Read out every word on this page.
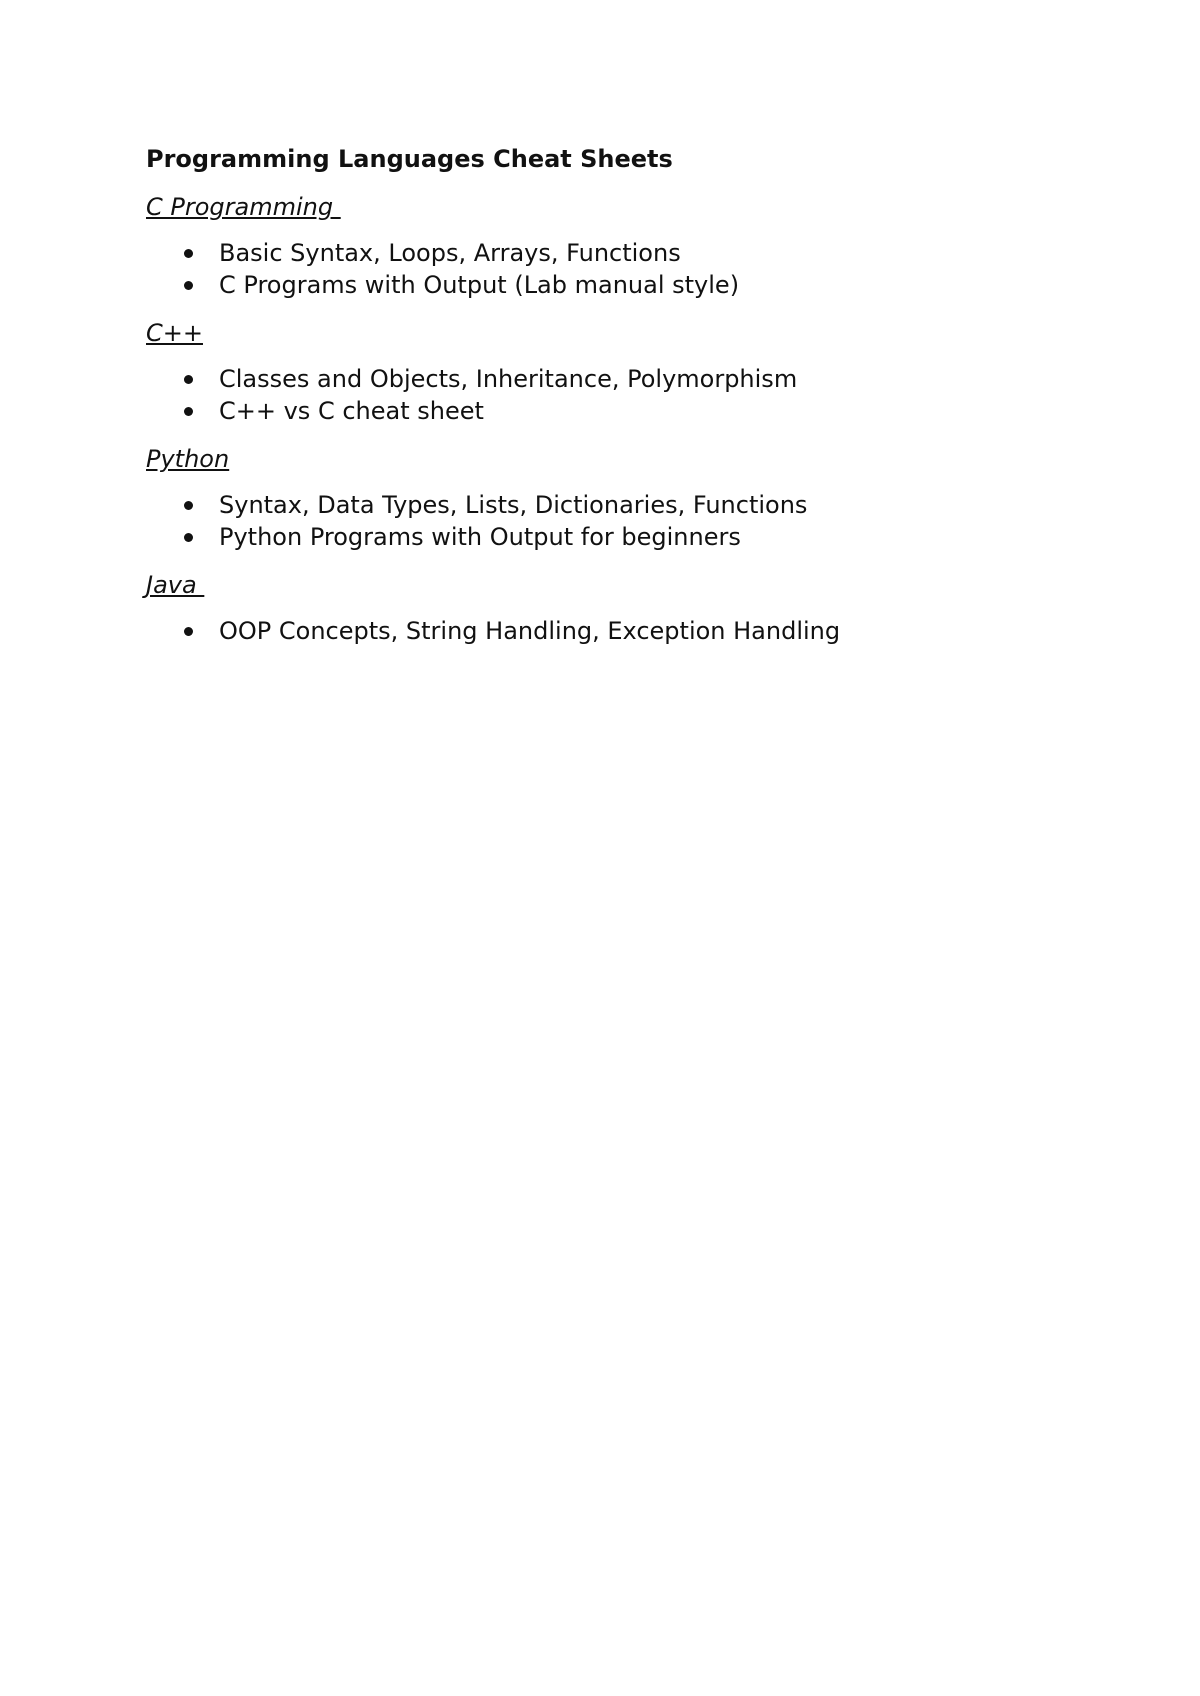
Programming Languages Cheat Sheets
C Programming
Basic Syntax, Loops, Arrays, Functions
C Programs with Output (Lab manual style)
C++
Classes and Objects, Inheritance, Polymorphism
C++ vs C cheat sheet
Python
Syntax, Data Types, Lists, Dictionaries, Functions
Python Programs with Output for beginners
Java
OOP Concepts, String Handling, Exception Handling
